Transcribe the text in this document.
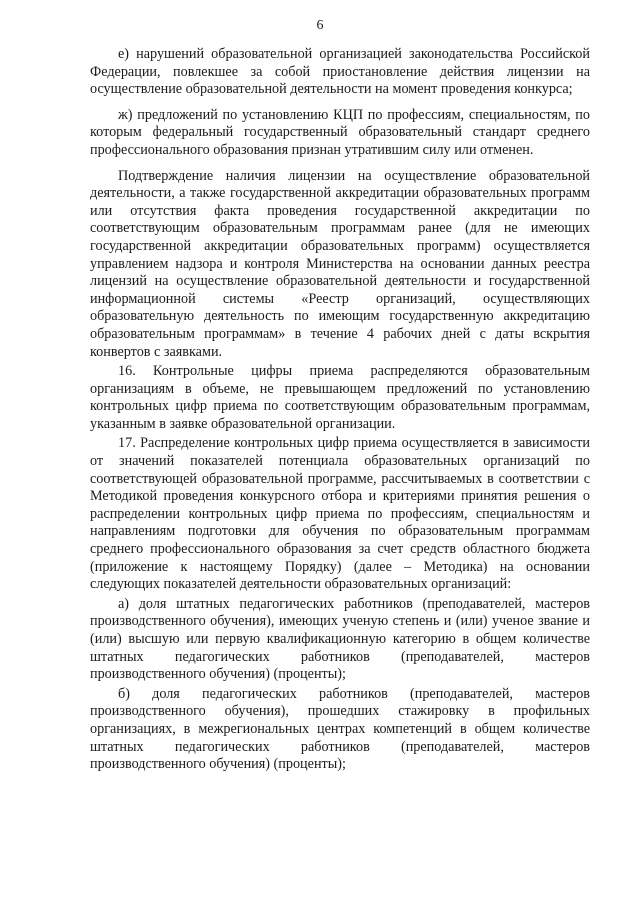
6

е) нарушений образовательной организацией законодательства Российской Федерации, повлекшее за собой приостановление действия лицензии на осуществление образовательной деятельности на момент проведения конкурса;

ж) предложений по установлению КЦП по профессиям, специальностям, по которым федеральный государственный образовательный стандарт среднего профессионального образования признан утратившим силу или отменен.

Подтверждение наличия лицензии на осуществление образовательной деятельности, а также государственной аккредитации образовательных программ или отсутствия факта проведения государственной аккредитации по соответствующим образовательным программам ранее (для не имеющих государственной аккредитации образовательных программ) осуществляется управлением надзора и контроля Министерства на основании данных реестра лицензий на осуществление образовательной деятельности и государственной информационной системы «Реестр организаций, осуществляющих образовательную деятельность по имеющим государственную аккредитацию образовательным программам» в течение 4 рабочих дней с даты вскрытия конвертов с заявками.

16. Контрольные цифры приема распределяются образовательным организациям в объеме, не превышающем предложений по установлению контрольных цифр приема по соответствующим образовательным программам, указанным в заявке образовательной организации.

17. Распределение контрольных цифр приема осуществляется в зависимости от значений показателей потенциала образовательных организаций по соответствующей образовательной программе, рассчитываемых в соответствии с Методикой проведения конкурсного отбора и критериями принятия решения о распределении контрольных цифр приема по профессиям, специальностям и направлениям подготовки для обучения по образовательным программам среднего профессионального образования за счет средств областного бюджета (приложение к настоящему Порядку) (далее – Методика) на основании следующих показателей деятельности образовательных организаций:

а) доля штатных педагогических работников (преподавателей, мастеров производственного обучения), имеющих ученую степень и (или) ученое звание и (или) высшую или первую квалификационную категорию в общем количестве штатных педагогических работников (преподавателей, мастеров производственного обучения) (проценты);

б) доля педагогических работников (преподавателей, мастеров производственного обучения), прошедших стажировку в профильных организациях, в межрегиональных центрах компетенций в общем количестве штатных педагогических работников (преподавателей, мастеров производственного обучения) (проценты);
